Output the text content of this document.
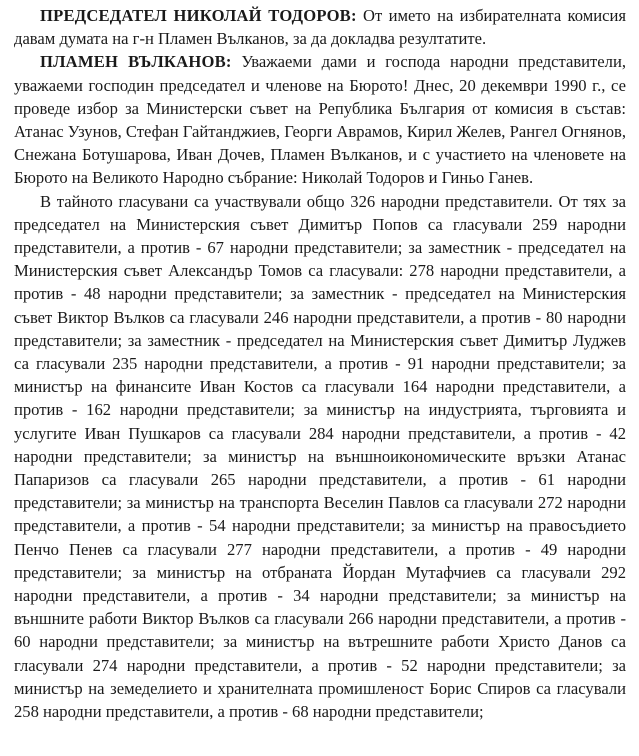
ПРЕДСЕДАТЕЛ НИКОЛАЙ ТОДОРОВ: От името на избирателната комисия давам думата на г-н Пламен Вълканов, за да докладва резултатите.

ПЛАМЕН ВЪЛКАНОВ: Уважаеми дами и господа народни представители, уважаеми господин председател и членове на Бюрото! Днес, 20 декември 1990 г., се проведе избор за Министерски съвет на Република България от комисия в състав: Атанас Узунов, Стефан Гайтанджиев, Георги Аврамов, Кирил Желев, Рангел Огнянов, Снежана Ботушарова, Иван Дочев, Пламен Вълканов, и с участието на членовете на Бюрото на Великото Народно събрание: Николай Тодоров и Гиньо Ганев.

В тайното гласувани са участвували общо 326 народни представители. От тях за председател на Министерския съвет Димитър Попов са гласували 259 народни представители, а против - 67 народни представители; за заместник - председател на Министерския съвет Александър Томов са гласували: 278 народни представители, а против - 48 народни представители; за заместник - председател на Министерския съвет Виктор Вълков са гласували 246 народни представители, а против - 80 народни представители; за заместник - председател на Министерския съвет Димитър Луджев са гласували 235 народни представители, а против - 91 народни представители; за министър на финансите Иван Костов са гласували 164 народни представители, а против - 162 народни представители; за министър на индустрията, търговията и услугите Иван Пушкаров са гласували 284 народни представители, а против - 42 народни представители; за министър на външноикономическите връзки Атанас Папаризов са гласували 265 народни представители, а против - 61 народни представители; за министър на транспорта Веселин Павлов са гласували 272 народни представители, а против - 54 народни представители; за министър на правосъдието Пенчо Пенев са гласували 277 народни представители, а против - 49 народни представители; за министър на отбраната Йордан Мутафчиев са гласували 292 народни представители, а против - 34 народни представители; за министър на външните работи Виктор Вълков са гласували 266 народни представители, а против - 60 народни представители; за министър на вътрешните работи Христо Данов са гласували 274 народни представители, а против - 52 народни представители; за министър на земеделието и хранителната промишленост Борис Спиров са гласували 258 народни представители, а против - 68 народни представители;
